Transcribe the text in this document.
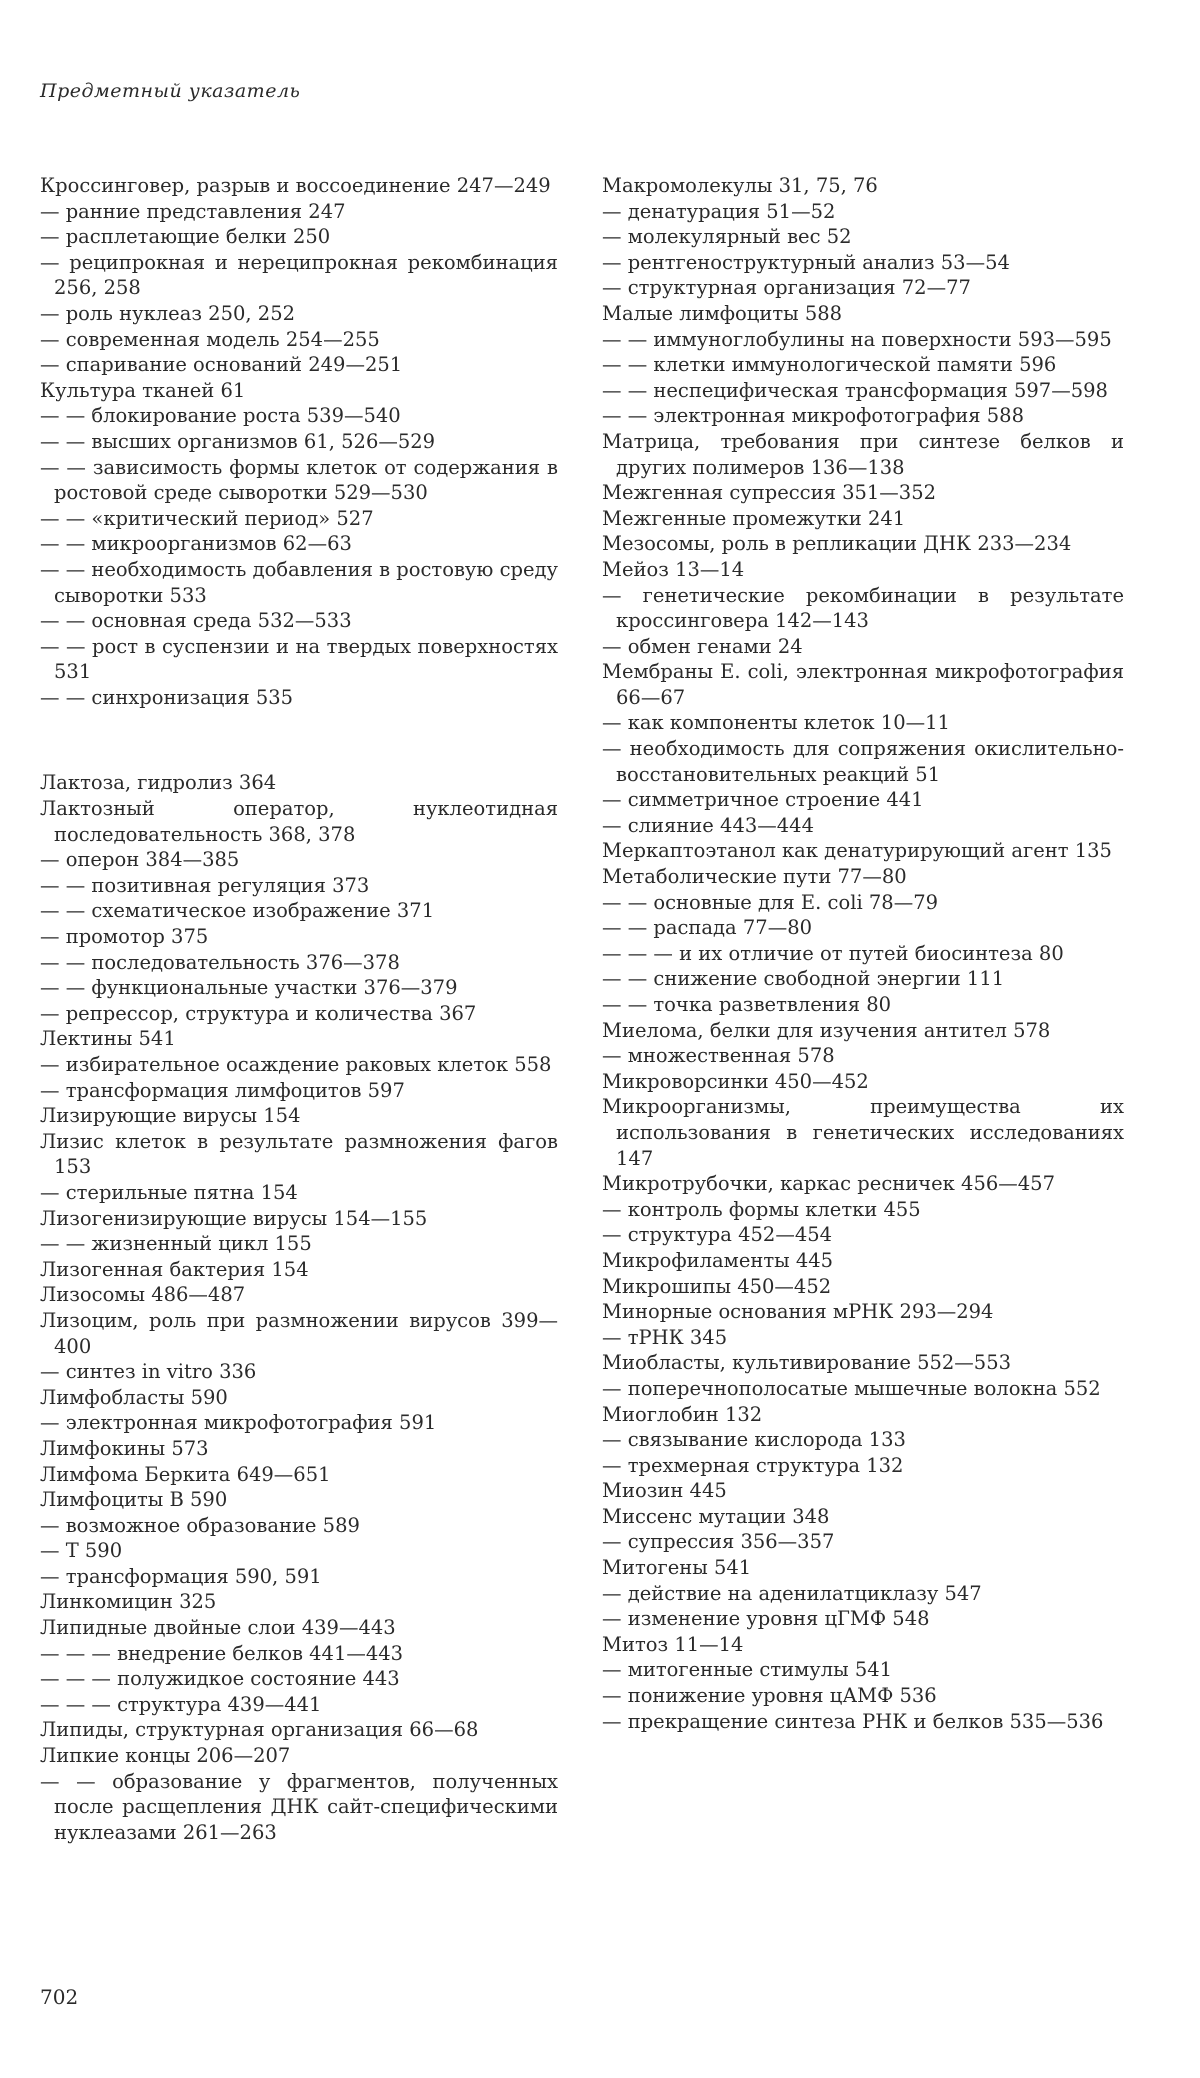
Предметный указатель
Кроссинговер, разрыв и воссоединение 247—249
— ранние представления 247
— расплетающие белки 250
— реципрокная и нереципрокная рекомбинация 256, 258
— роль нуклеаз 250, 252
— современная модель 254—255
— спаривание оснований 249—251
Культура тканей 61
— — блокирование роста 539—540
— — высших организмов 61, 526—529
— — зависимость формы клеток от содержания в ростовой среде сыворотки 529—530
— — «критический период» 527
— — микроорганизмов 62—63
— — необходимость добавления в ростовую среду сыворотки 533
— — основная среда 532—533
— — рост в суспензии и на твердых поверхностях 531
— — синхронизация 535
Лактоза, гидролиз 364
Лактозный оператор, нуклеотидная последовательность 368, 378
— оперон 384—385
— — позитивная регуляция 373
— — схематическое изображение 371
— промотор 375
— — последовательность 376—378
— — функциональные участки 376—379
— репрессор, структура и количества 367
Лектины 541
— избирательное осаждение раковых клеток 558
— трансформация лимфоцитов 597
Лизирующие вирусы 154
Лизис клеток в результате размножения фагов 153
— стерильные пятна 154
Лизогенизирующие вирусы 154—155
— — жизненный цикл 155
Лизогенная бактерия 154
Лизосомы 486—487
Лизоцим, роль при размножении вирусов 399—400
— синтез in vitro 336
Лимфобласты 590
— электронная микрофотография 591
Лимфокины 573
Лимфома Беркита 649—651
Лимфоциты В 590
— возможное образование 589
— Т 590
— трансформация 590, 591
Линкомицин 325
Липидные двойные слои 439—443
— — — внедрение белков 441—443
— — — полужидкое состояние 443
— — — структура 439—441
Липиды, структурная организация 66—68
Липкие концы 206—207
— — образование у фрагментов, полученных после расщепления ДНК сайт-специфическими нуклеазами 261—263
Макромолекулы 31, 75, 76
— денатурация 51—52
— молекулярный вес 52
— рентгеноструктурный анализ 53—54
— структурная организация 72—77
Малые лимфоциты 588
— — иммуноглобулины на поверхности 593—595
— — клетки иммунологической памяти 596
— — неспецифическая трансформация 597—598
— — электронная микрофотография 588
Матрица, требования при синтезе белков и других полимеров 136—138
Межгенная супрессия 351—352
Межгенные промежутки 241
Мезосомы, роль в репликации ДНК 233—234
Мейоз 13—14
— генетические рекомбинации в результате кроссинговера 142—143
— обмен генами 24
Мембраны E. coli, электронная микрофотография 66—67
— как компоненты клеток 10—11
— необходимость для сопряжения окислительно-восстановительных реакций 51
— симметричное строение 441
— слияние 443—444
Меркаптоэтанол как денатурирующий агент 135
Метаболические пути 77—80
— — основные для E. coli 78—79
— — распада 77—80
— — — и их отличие от путей биосинтеза 80
— — снижение свободной энергии 111
— — точка разветвления 80
Миелома, белки для изучения антител 578
— множественная 578
Микроворсинки 450—452
Микроорганизмы, преимущества их использования в генетических исследованиях 147
Микротрубочки, каркас ресничек 456—457
— контроль формы клетки 455
— структура 452—454
Микрофиламенты 445
Микрошипы 450—452
Минорные основания мРНК 293—294
— тРНК 345
Миобласты, культивирование 552—553
— поперечнополосатые мышечные волокна 552
Миоглобин 132
— связывание кислорода 133
— трехмерная структура 132
Миозин 445
Миссенс мутации 348
— супрессия 356—357
Митогены 541
— действие на аденилатциклазу 547
— изменение уровня цГМФ 548
Митоз 11—14
— митогенные стимулы 541
— понижение уровня цАМФ 536
— прекращение синтеза РНК и белков 535—536
702
